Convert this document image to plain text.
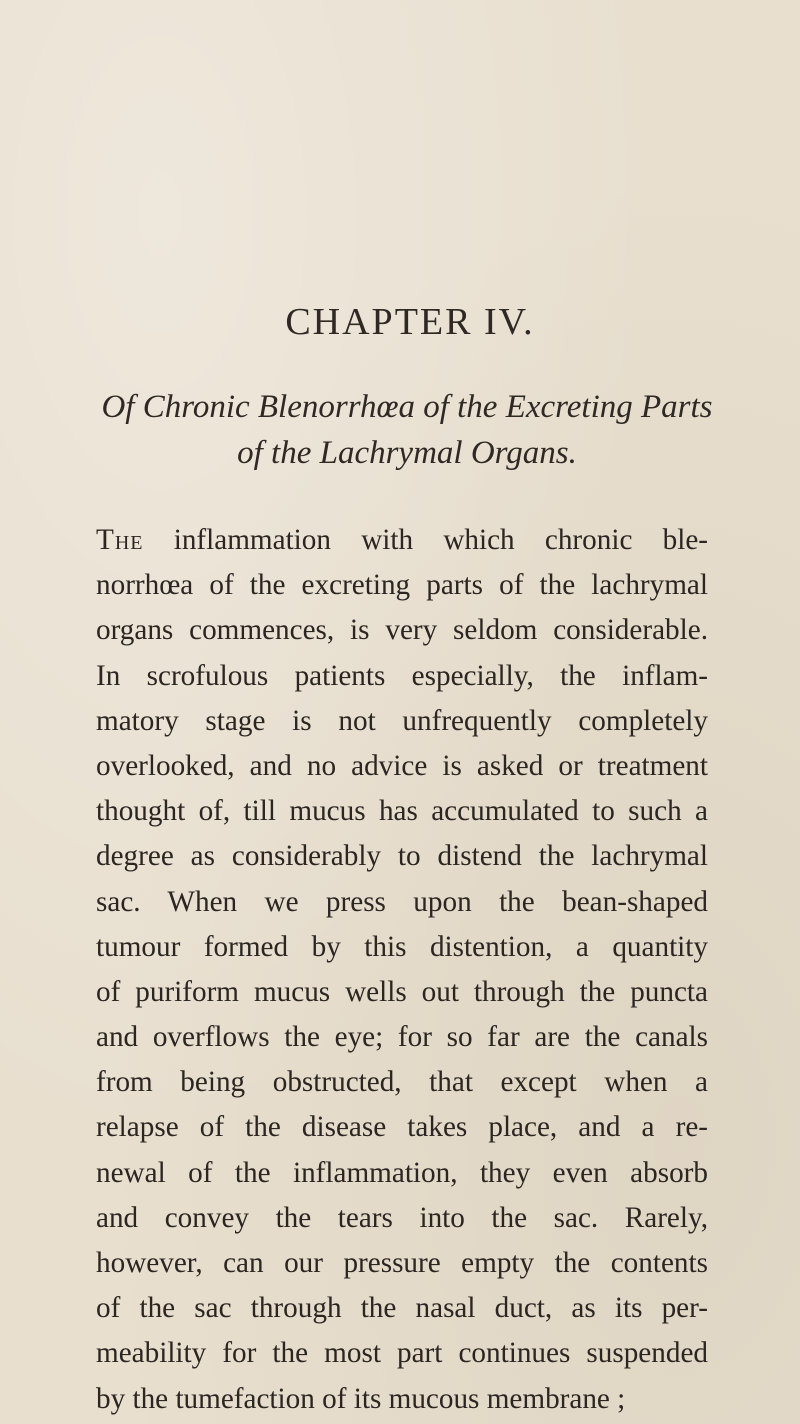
CHAPTER IV.
Of Chronic Blenorrhœa of the Excreting Parts
of the Lachrymal Organs.
The inflammation with which chronic ble-
norrhœa of the excreting parts of the lachrymal
organs commences, is very seldom considerable.
In scrofulous patients especially, the inflam-
matory stage is not unfrequently completely
overlooked, and no advice is asked or treatment
thought of, till mucus has accumulated to such a
degree as considerably to distend the lachrymal
sac. When we press upon the bean-shaped
tumour formed by this distention, a quantity
of puriform mucus wells out through the puncta
and overflows the eye; for so far are the canals
from being obstructed, that except when a
relapse of the disease takes place, and a re-
newal of the inflammation, they even absorb
and convey the tears into the sac. Rarely,
however, can our pressure empty the contents
of the sac through the nasal duct, as its per-
meability for the most part continues suspended
by the tumefaction of its mucous membrane ;
